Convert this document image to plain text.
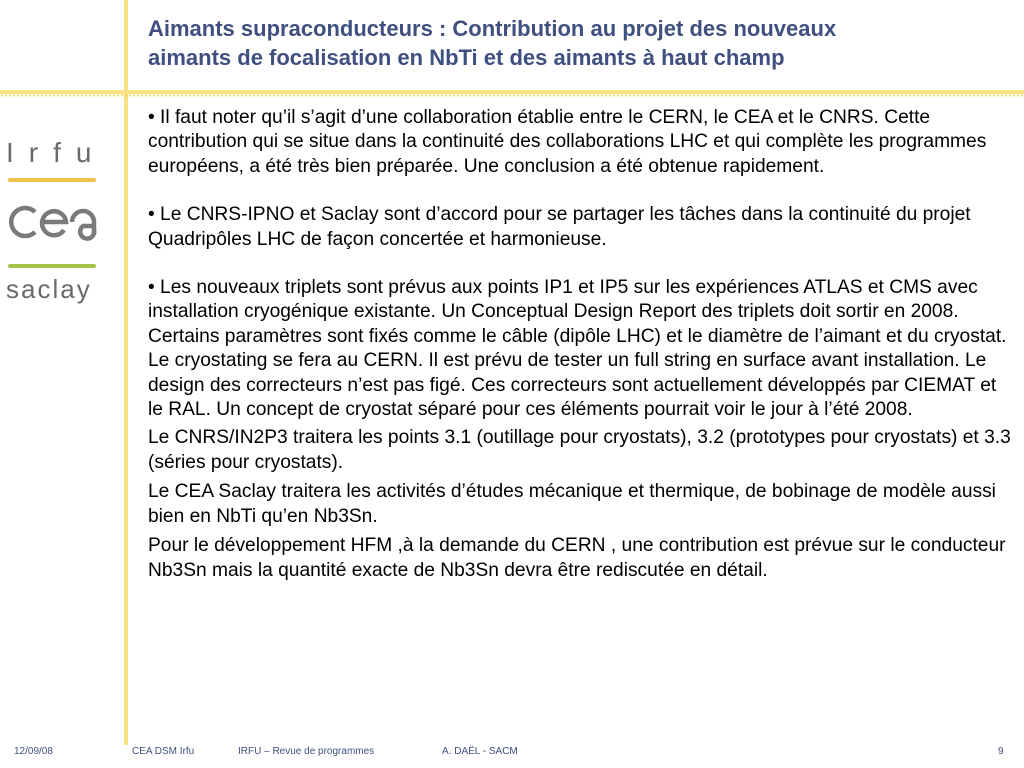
Aimants supraconducteurs : Contribution au projet des nouveaux
aimants de focalisation en NbTi et des aimants à haut champ
Irfu
saclay

• Il faut noter qu’il s’agit d’une collaboration établie entre le CERN, le CEA et le CNRS. Cette contribution qui se situe dans la continuité des collaborations LHC et qui complète les programmes européens, a été très bien préparée. Une conclusion a été obtenue rapidement.

• Le CNRS-IPNO et Saclay sont d’accord pour se partager les tâches dans la continuité du projet Quadripôles LHC de façon concertée et harmonieuse.

• Les nouveaux triplets sont prévus aux points IP1 et IP5 sur les expériences ATLAS et CMS avec installation cryogénique existante. Un Conceptual Design Report des triplets doit sortir en 2008. Certains paramètres sont fixés comme le câble (dipôle LHC) et le diamètre de l’aimant et du cryostat. Le cryostating se fera au CERN. Il est prévu de tester un full string en surface avant installation. Le design des correcteurs n’est pas figé. Ces correcteurs sont actuellement développés par CIEMAT et le RAL. Un concept de cryostat séparé pour ces éléments pourrait voir le jour à l’été 2008.

Le CNRS/IN2P3 traitera les points 3.1 (outillage pour cryostats), 3.2 (prototypes pour cryostats) et 3.3 (séries pour cryostats).

Le CEA Saclay traitera les activités d’études mécanique et thermique, de bobinage de modèle aussi bien en NbTi qu’en Nb3Sn.

Pour le développement HFM ,à la demande du CERN , une contribution est prévue sur le conducteur Nb3Sn mais la quantité exacte de Nb3Sn devra être rediscutée en détail.

12/09/08	CEA DSM Irfu	IRFU – Revue de programmes	A. DAËL - SACM	9
